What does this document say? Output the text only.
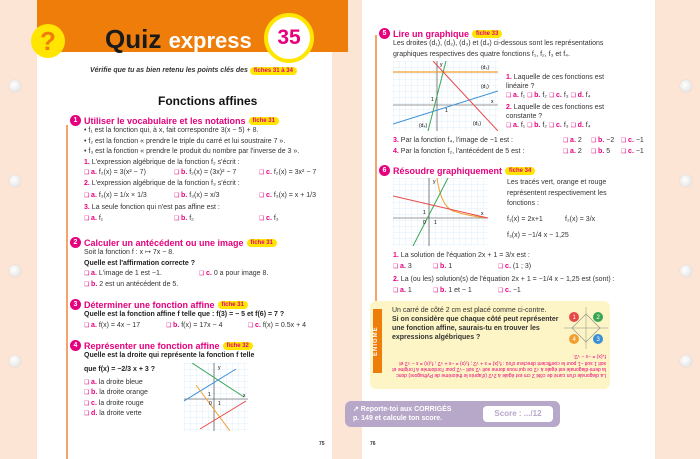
?	Quiz express	35
Vérifie que tu as bien retenu les points clés des fiches 31 à 34
Fonctions affines
1 Utiliser le vocabulaire et les notations	fiche 31
• f₁ est la fonction qui, à x, fait correspondre 3(x − 5) + 8.
• f₂ est la fonction « prendre le triple du carré et lui soustraire 7 ».
• f₃ est la fonction « prendre le produit du nombre par l'inverse de 3 ».
1. L'expression algébrique de la fonction f₂ s'écrit :
❑ a. f₂(x) = 3(x² − 7)	❑ b. f₂(x) = (3x)² − 7	❑ c. f₂(x) = 3x² − 7
2. L'expression algébrique de la fonction f₃ s'écrit :
❑ a. f₃(x) = 1/x × 1/3	❑ b. f₃(x) = x/3	❑ c. f₃(x) = x + 1/3
3. La seule fonction qui n'est pas affine est :
❑ a. f₁	❑ b. f₂	❑ c. f₃
2 Calculer un antécédent ou une image	fiche 31
Soit la fonction f : x ↦ 7x − 8.
Quelle est l'affirmation correcte ?
❑ a. L'image de 1 est −1.	❑ c. 0 a pour image 8.
❑ b. 2 est un antécédent de 5.
3 Déterminer une fonction affine	fiche 31
Quelle est la fonction affine f telle que : f(3) = − 5 et f(6) = 7 ?
❑ a. f(x) = 4x − 17	❑ b. f(x) = 17x − 4	❑ c. f(x) = 0.5x + 4
4 Représenter une fonction affine	fiche 32
Quelle est la droite qui représente la fonction f telle
que f(x) = −2/3 x + 3 ?
❑ a. la droite bleue
❑ b. la droite orange
❑ c. la droite rouge
❑ d. la droite verte
y
x
1
0 1
75
5 Lire un graphique	fiche 33
Les droites (d₁), (d₂), (d₃) et (d₄) ci-dessous sont les représentations
graphiques respectives des quatre fonctions f₁, f₂, f₃ et f₄.
(d₃)
(d₁)
(d₂)
(d₄)
y
x
1
1
1. Laquelle de ces fonctions est linéaire ?
❑ a. f₁ ❑ b. f₂ ❑ c. f₃ ❑ d. f₄
2. Laquelle de ces fonctions est constante ?
❑ a. f₁ ❑ b. f₂ ❑ c. f₃ ❑ d. f₄
3. Par la fonction f₄, l'image de −1 est :	❑ a. 2	❑ b. −2	❑ c. −1
4. Par la fonction f₂, l'antécédent de 5 est :	❑ a. 2	❑ b. 5	❑ c. −1
6 Résoudre graphiquement	fiche 34
y
x
1
0 1
Les tracés vert, orange et rouge représentent respectivement les fonctions :
f₁(x) = 2x+1	f₂(x) = 3/x
f₃(x) = −1/4 x − 1,25
1. La solution de l'équation 2x + 1 = 3/x est :
❑ a. 3	❑ b. 1	❑ c. (1 ; 3)
2. La (ou les) solution(s) de l'équation 2x + 1 = −1/4 x − 1,25 est (sont) :
❑ a. 1	❑ b. 1 et − 1	❑ c. −1
ÉNIGME
Un carré de côté 2 cm est placé comme ci-contre.
Si on considère que chaque côté peut représenter une fonction affine, saurais-tu en trouver les expressions algébriques ?
1	2
3
4
La diagonale d'un carré de côté 2 cm est égale à 2√2 (d'après le théorème de Pythagore) donc la demi-diagonale est égale à √2 ce qui nous donne soit √2 soit −√2 pour l'ordonnée à l'origine et soit 1 soit −1 pour le coefficient directeur d'où : f₁(x) = x + √2 ; f₂(x) = −x + √2 ; f₃(x) = x − √2 et f₄(x) = −x − √2.
↗ Reporte-toi aux CORRIGÉS
p. 149 et calcule ton score.
Score : .../12
76
